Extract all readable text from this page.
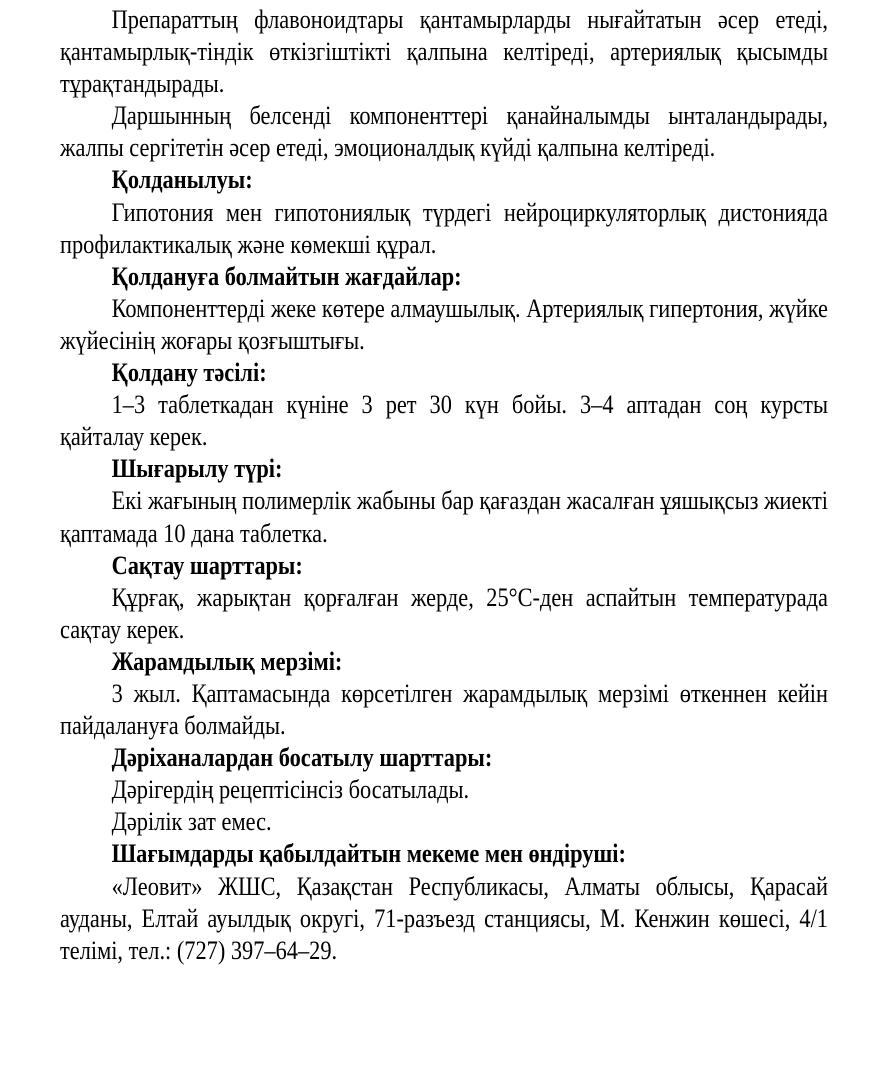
Препараттың флавоноидтары қантамырларды нығайтатын әсер етеді, қантамырлық-тіндік өткізгіштікті қалпына келтіреді, артериялық қысымды тұрақтандырады.

Даршынның белсенді компоненттері қанайналымды ынталандырады, жалпы сергітетін әсер етеді, эмоционалдық күйді қалпына келтіреді.

Қолданылуы:

Гипотония мен гипотониялық түрдегі нейроциркуляторлық дистонияда профилактикалық және көмекші құрал.

Қолдануға болмайтын жағдайлар:

Компоненттерді жеке көтере алмаушылық. Артериялық гипертония, жүйке жүйесінің жоғары қозғыштығы.

Қолдану тәсілі:

1–3 таблеткадан күніне 3 рет 30 күн бойы. 3–4 аптадан соң курсты қайталау керек.

Шығарылу түрі:

Екі жағының полимерлік жабыны бар қағаздан жасалған ұяшықсыз жиекті қаптамада 10 дана таблетка.

Сақтау шарттары:

Құрғақ, жарықтан қорғалған жерде, 25°C-ден аспайтын температурада сақтау керек.

Жарамдылық мерзімі:

3 жыл. Қаптамасында көрсетілген жарамдылық мерзімі өткеннен кейін пайдалануға болмайды.

Дәріханалардан босатылу шарттары:

Дәрігердің рецептісінсіз босатылады.

Дәрілік зат емес.

Шағымдарды қабылдайтын мекеме мен өндіруші:

«Леовит» ЖШС, Қазақстан Республикасы, Алматы облысы, Қарасай ауданы, Елтай ауылдық округі, 71-разъезд станциясы, М. Кенжин көшесі, 4/1 телімі, тел.: (727) 397–64–29.
